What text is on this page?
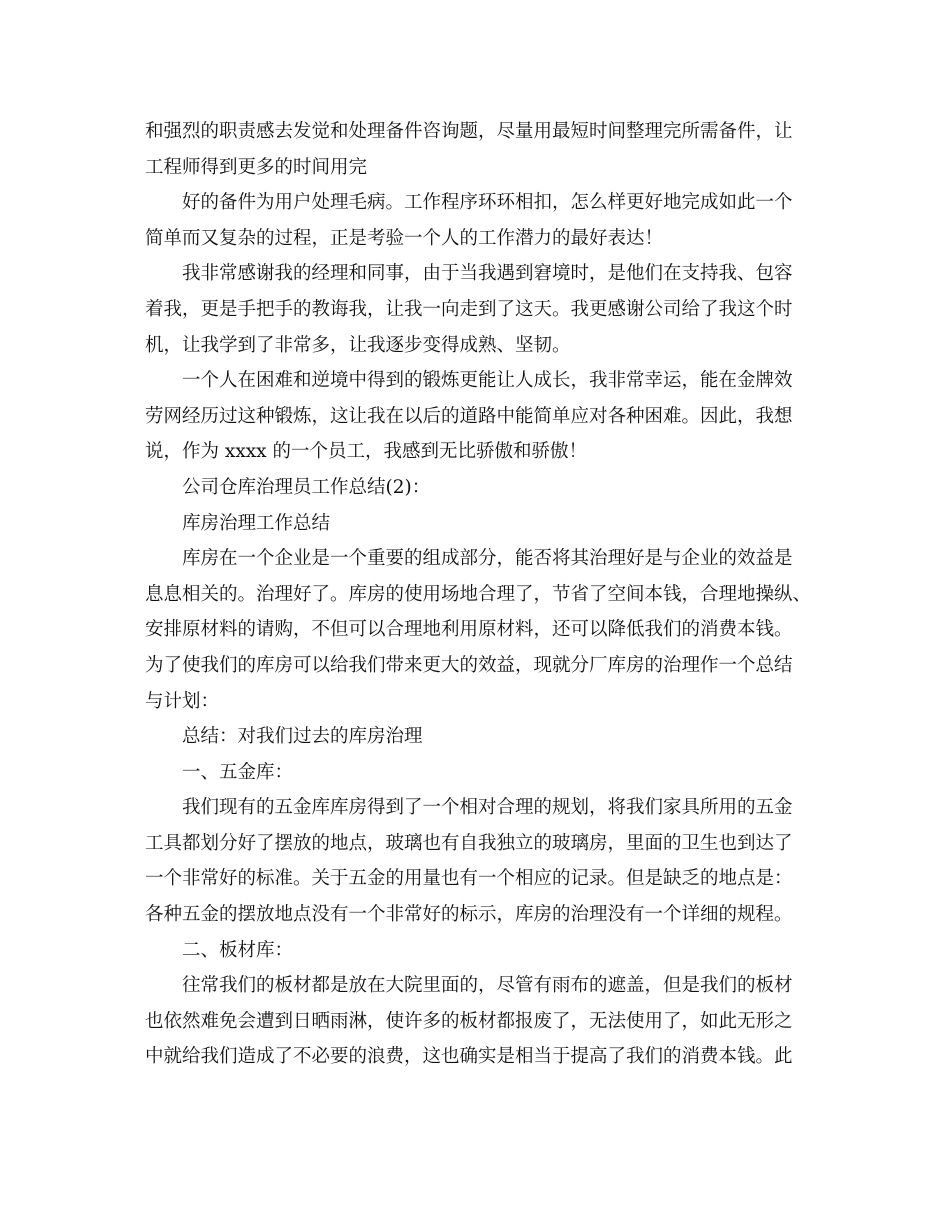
和强烈的职责感去发觉和处理备件咨询题，尽量用最短时间整理完所需备件，让
工程师得到更多的时间用完
好的备件为用户处理毛病。工作程序环环相扣，怎么样更好地完成如此一个
简单而又复杂的过程，正是考验一个人的工作潜力的最好表达！
我非常感谢我的经理和同事，由于当我遇到窘境时，是他们在支持我、包容
着我，更是手把手的教诲我，让我一向走到了这天。我更感谢公司给了我这个时
机，让我学到了非常多，让我逐步变得成熟、坚韧。
一个人在困难和逆境中得到的锻炼更能让人成长，我非常幸运，能在金牌效
劳网经历过这种锻炼，这让我在以后的道路中能简单应对各种困难。因此，我想
说，作为 xxxx 的一个员工，我感到无比骄傲和骄傲！
公司仓库治理员工作总结(2)：
库房治理工作总结
库房在一个企业是一个重要的组成部分，能否将其治理好是与企业的效益是
息息相关的。治理好了。库房的使用场地合理了，节省了空间本钱，合理地操纵、
安排原材料的请购，不但可以合理地利用原材料，还可以降低我们的消费本钱。
为了使我们的库房可以给我们带来更大的效益，现就分厂库房的治理作一个总结
与计划：
总结：对我们过去的库房治理
一、五金库：
我们现有的五金库库房得到了一个相对合理的规划，将我们家具所用的五金
工具都划分好了摆放的地点，玻璃也有自我独立的玻璃房，里面的卫生也到达了
一个非常好的标准。关于五金的用量也有一个相应的记录。但是缺乏的地点是：
各种五金的摆放地点没有一个非常好的标示，库房的治理没有一个详细的规程。
二、板材库：
往常我们的板材都是放在大院里面的，尽管有雨布的遮盖，但是我们的板材
也依然难免会遭到日晒雨淋，使许多的板材都报废了，无法使用了，如此无形之
中就给我们造成了不必要的浪费，这也确实是相当于提高了我们的消费本钱。此
